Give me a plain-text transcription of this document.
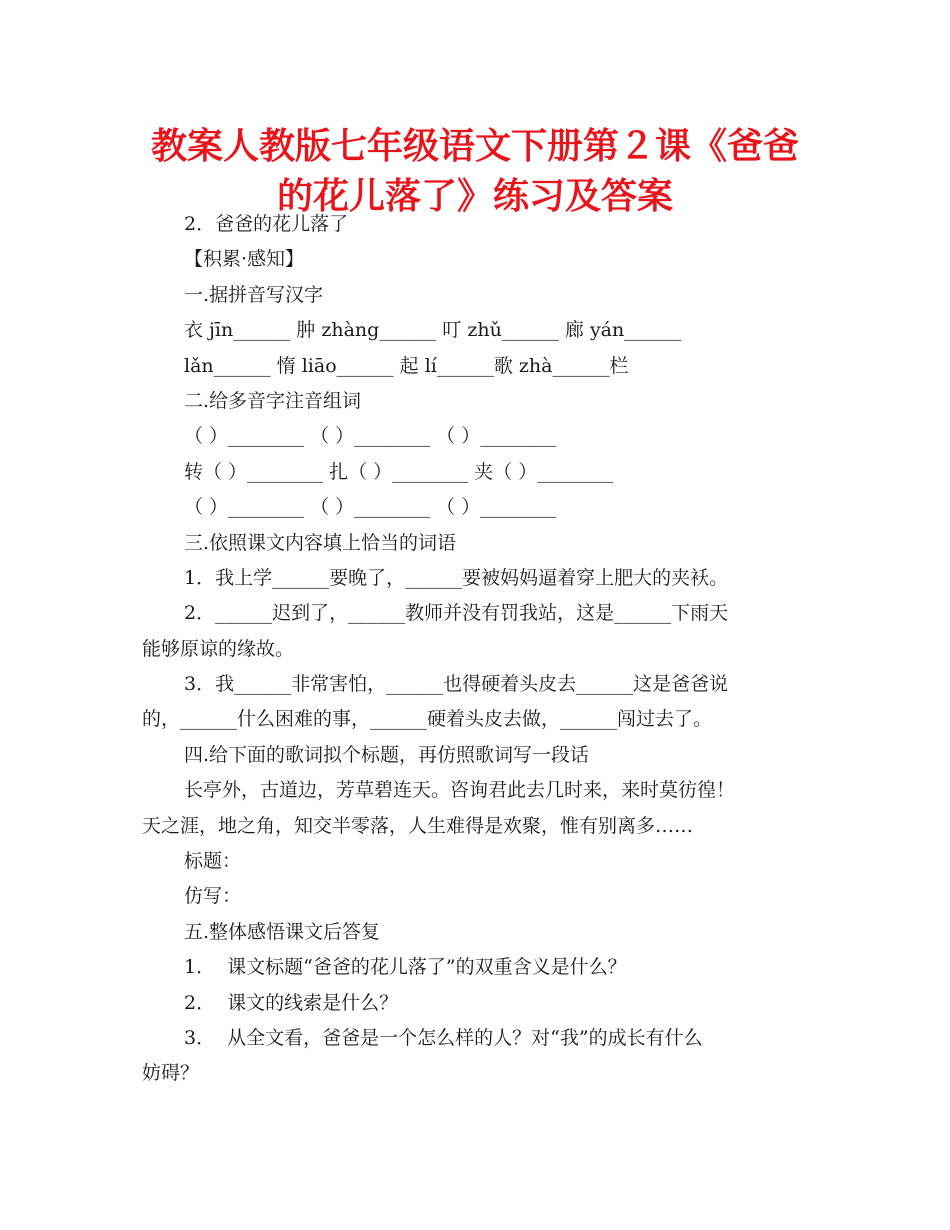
教案人教版七年级语文下册第２课《爸爸
的花儿落了》练习及答案
2．爸爸的花儿落了
【积累·感知】
一.据拼音写汉字
衣 jīn______ 肿 zhàng______ 叮 zhǔ______ 廊 yán______
lǎn______ 惰 liāo______ 起 lí______歌 zhà______栏
二.给多音字注音组词
（ ）________ （ ）________ （ ）________
转（ ）________ 扎（ ）________ 夹（ ）________
（ ）________ （ ）________ （ ）________
三.依照课文内容填上恰当的词语
1．我上学______要晚了，______要被妈妈逼着穿上肥大的夹袄。
2．______迟到了，______教师并没有罚我站，这是______下雨天
能够原谅的缘故。
3．我______非常害怕，______也得硬着头皮去______这是爸爸说
的，______什么困难的事，______硬着头皮去做，______闯过去了。
四.给下面的歌词拟个标题，再仿照歌词写一段话
长亭外，古道边，芳草碧连天。咨询君此去几时来，来时莫彷徨！
天之涯，地之角，知交半零落，人生难得是欢聚，惟有别离多……
标题：
仿写：
五.整体感悟课文后答复
1．  课文标题“爸爸的花儿落了”的双重含义是什么？
2．  课文的线索是什么？
3．  从全文看，爸爸是一个怎么样的人？对“我”的成长有什么
妨碍？
